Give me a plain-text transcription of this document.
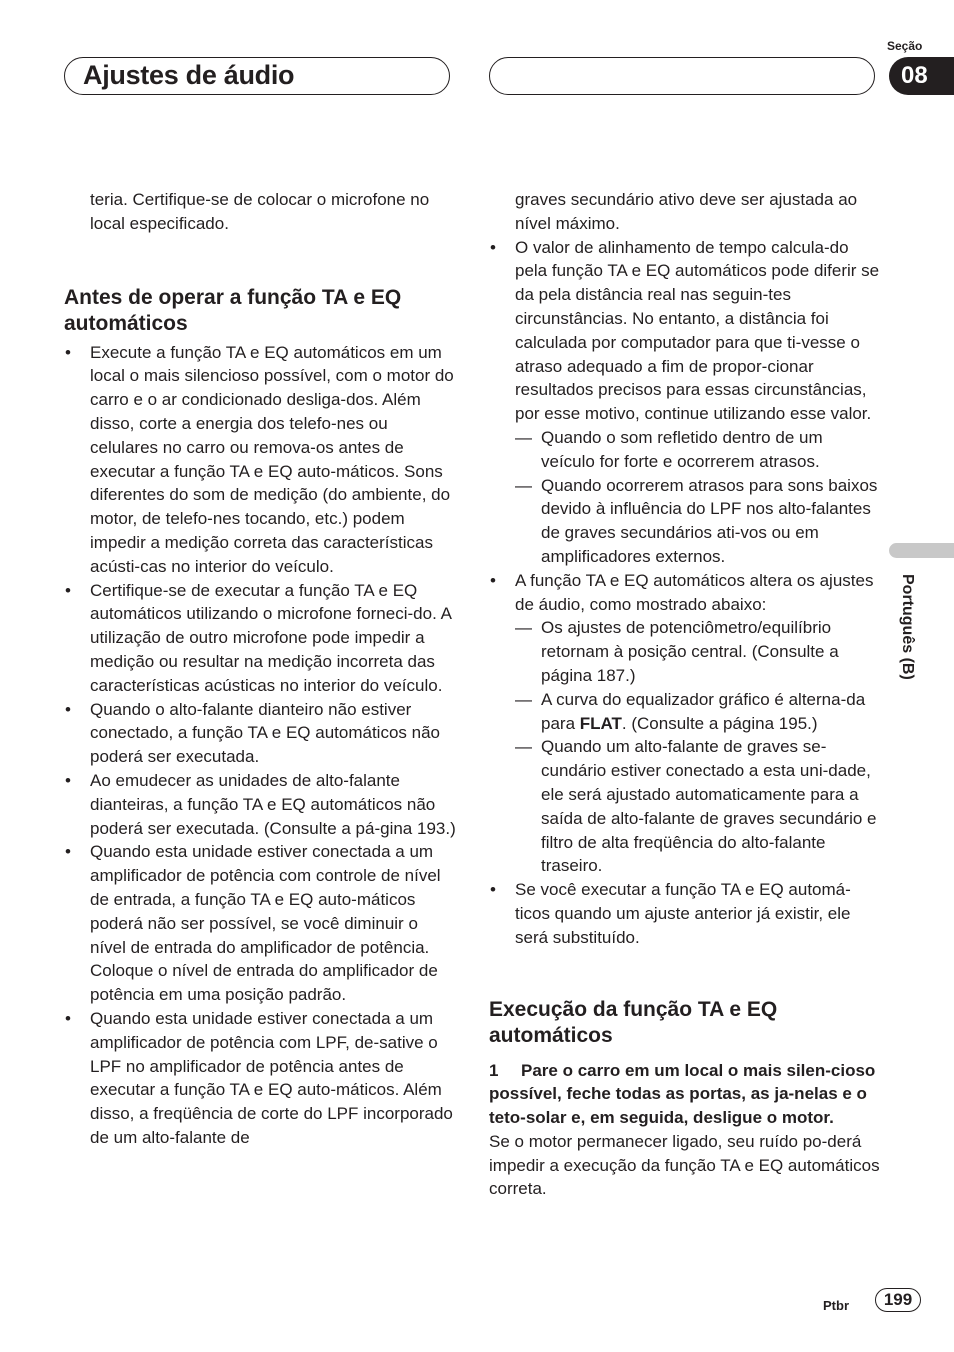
Ajustes de áudio
Seção
08
Português (B)

teria. Certifique-se de colocar o microfone no local especificado.

Antes de operar a função TA e EQ automáticos
• Execute a função TA e EQ automáticos em um local o mais silencioso possível, com o motor do carro e o ar condicionado desliga-dos. Além disso, corte a energia dos telefo-nes ou celulares no carro ou remova-os antes de executar a função TA e EQ auto-máticos. Sons diferentes do som de medição (do ambiente, do motor, de telefo-nes tocando, etc.) podem impedir a medição correta das características acústi-cas no interior do veículo.
• Certifique-se de executar a função TA e EQ automáticos utilizando o microfone forneci-do. A utilização de outro microfone pode impedir a medição ou resultar na medição incorreta das características acústicas no interior do veículo.
• Quando o alto-falante dianteiro não estiver conectado, a função TA e EQ automáticos não poderá ser executada.
• Ao emudecer as unidades de alto-falante dianteiras, a função TA e EQ automáticos não poderá ser executada. (Consulte a pá-gina 193.)
• Quando esta unidade estiver conectada a um amplificador de potência com controle de nível de entrada, a função TA e EQ auto-máticos poderá não ser possível, se você diminuir o nível de entrada do amplificador de potência. Coloque o nível de entrada do amplificador de potência em uma posição padrão.
• Quando esta unidade estiver conectada a um amplificador de potência com LPF, de-sative o LPF no amplificador de potência antes de executar a função TA e EQ auto-máticos. Além disso, a freqüência de corte do LPF incorporado de um alto-falante de

graves secundário ativo deve ser ajustada ao nível máximo.

• O valor de alinhamento de tempo calcula-do pela função TA e EQ automáticos pode diferir se da pela distância real nas seguin-tes circunstâncias. No entanto, a distância foi calculada por computador para que ti-vesse o atraso adequado a fim de propor-cionar resultados precisos para essas circunstâncias, por esse motivo, continue utilizando esse valor.
— Quando o som refletido dentro de um veículo for forte e ocorrerem atrasos.
— Quando ocorrerem atrasos para sons baixos devido à influência do LPF nos alto-falantes de graves secundários ati-vos ou em amplificadores externos.
• A função TA e EQ automáticos altera os ajustes de áudio, como mostrado abaixo:
— Os ajustes de potenciômetro/equilíbrio retornam à posição central. (Consulte a página 187.)
— A curva do equalizador gráfico é alterna-da para FLAT. (Consulte a página 195.)
— Quando um alto-falante de graves se-cundário estiver conectado a esta uni-dade, ele será ajustado automaticamente para a saída de alto-falante de graves secundário e filtro de alta freqüência do alto-falante traseiro.
• Se você executar a função TA e EQ automá-ticos quando um ajuste anterior já existir, ele será substituído.
Execução da função TA e EQ automáticos
1 Pare o carro em um local o mais silen-cioso possível, feche todas as portas, as ja-nelas e o teto-solar e, em seguida, desligue o motor.

Se o motor permanecer ligado, seu ruído po-derá impedir a execução da função TA e EQ automáticos correta.

Ptbr	199
